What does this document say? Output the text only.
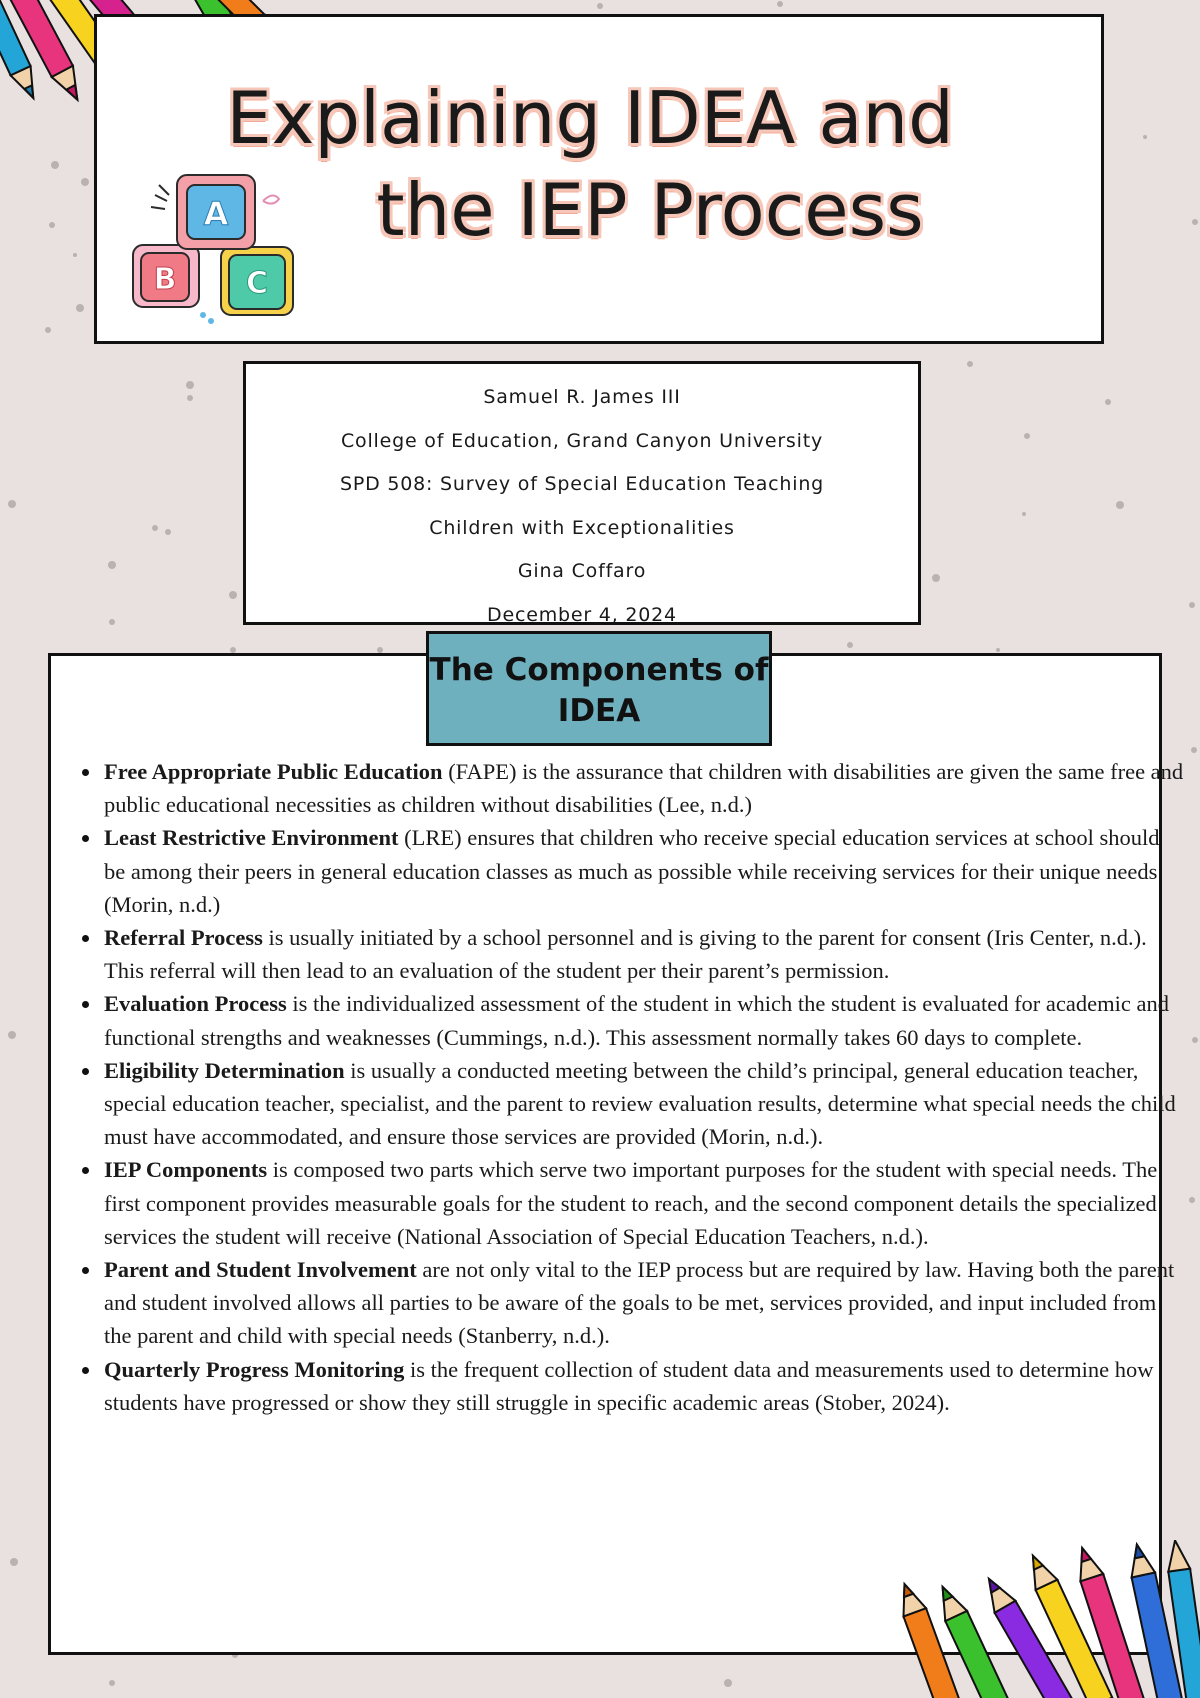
Explaining IDEA and
the IEP Process
B C
A
Samuel R. James III
College of Education, Grand Canyon University
SPD 508: Survey of Special Education Teaching
Children with Exceptionalities
Gina Coffaro
December 4, 2024
The Components of
IDEA
Free Appropriate Public Education (FAPE) is the assurance that children with disabilities are given the same free and public educational necessities as children without disabilities (Lee, n.d.)
Least Restrictive Environment (LRE) ensures that children who receive special education services at school should be among their peers in general education classes as much as possible while receiving services for their unique needs (Morin, n.d.)
Referral Process is usually initiated by a school personnel and is giving to the parent for consent (Iris Center, n.d.). This referral will then lead to an evaluation of the student per their parent’s permission.
Evaluation Process is the individualized assessment of the student in which the student is evaluated for academic and functional strengths and weaknesses (Cummings, n.d.). This assessment normally takes 60 days to complete.
Eligibility Determination is usually a conducted meeting between the child’s principal, general education teacher, special education teacher, specialist, and the parent to review evaluation results, determine what special needs the child must have accommodated, and ensure those services are provided (Morin, n.d.).
IEP Components is composed two parts which serve two important purposes for the student with special needs. The first component provides measurable goals for the student to reach, and the second component details the specialized services the student will receive (National Association of Special Education Teachers, n.d.).
Parent and Student Involvement are not only vital to the IEP process but are required by law. Having both the parent and student involved allows all parties to be aware of the goals to be met, services provided, and input included from the parent and child with special needs (Stanberry, n.d.).
Quarterly Progress Monitoring is the frequent collection of student data and measurements used to determine how students have progressed or show they still struggle in specific academic areas (Stober, 2024).
